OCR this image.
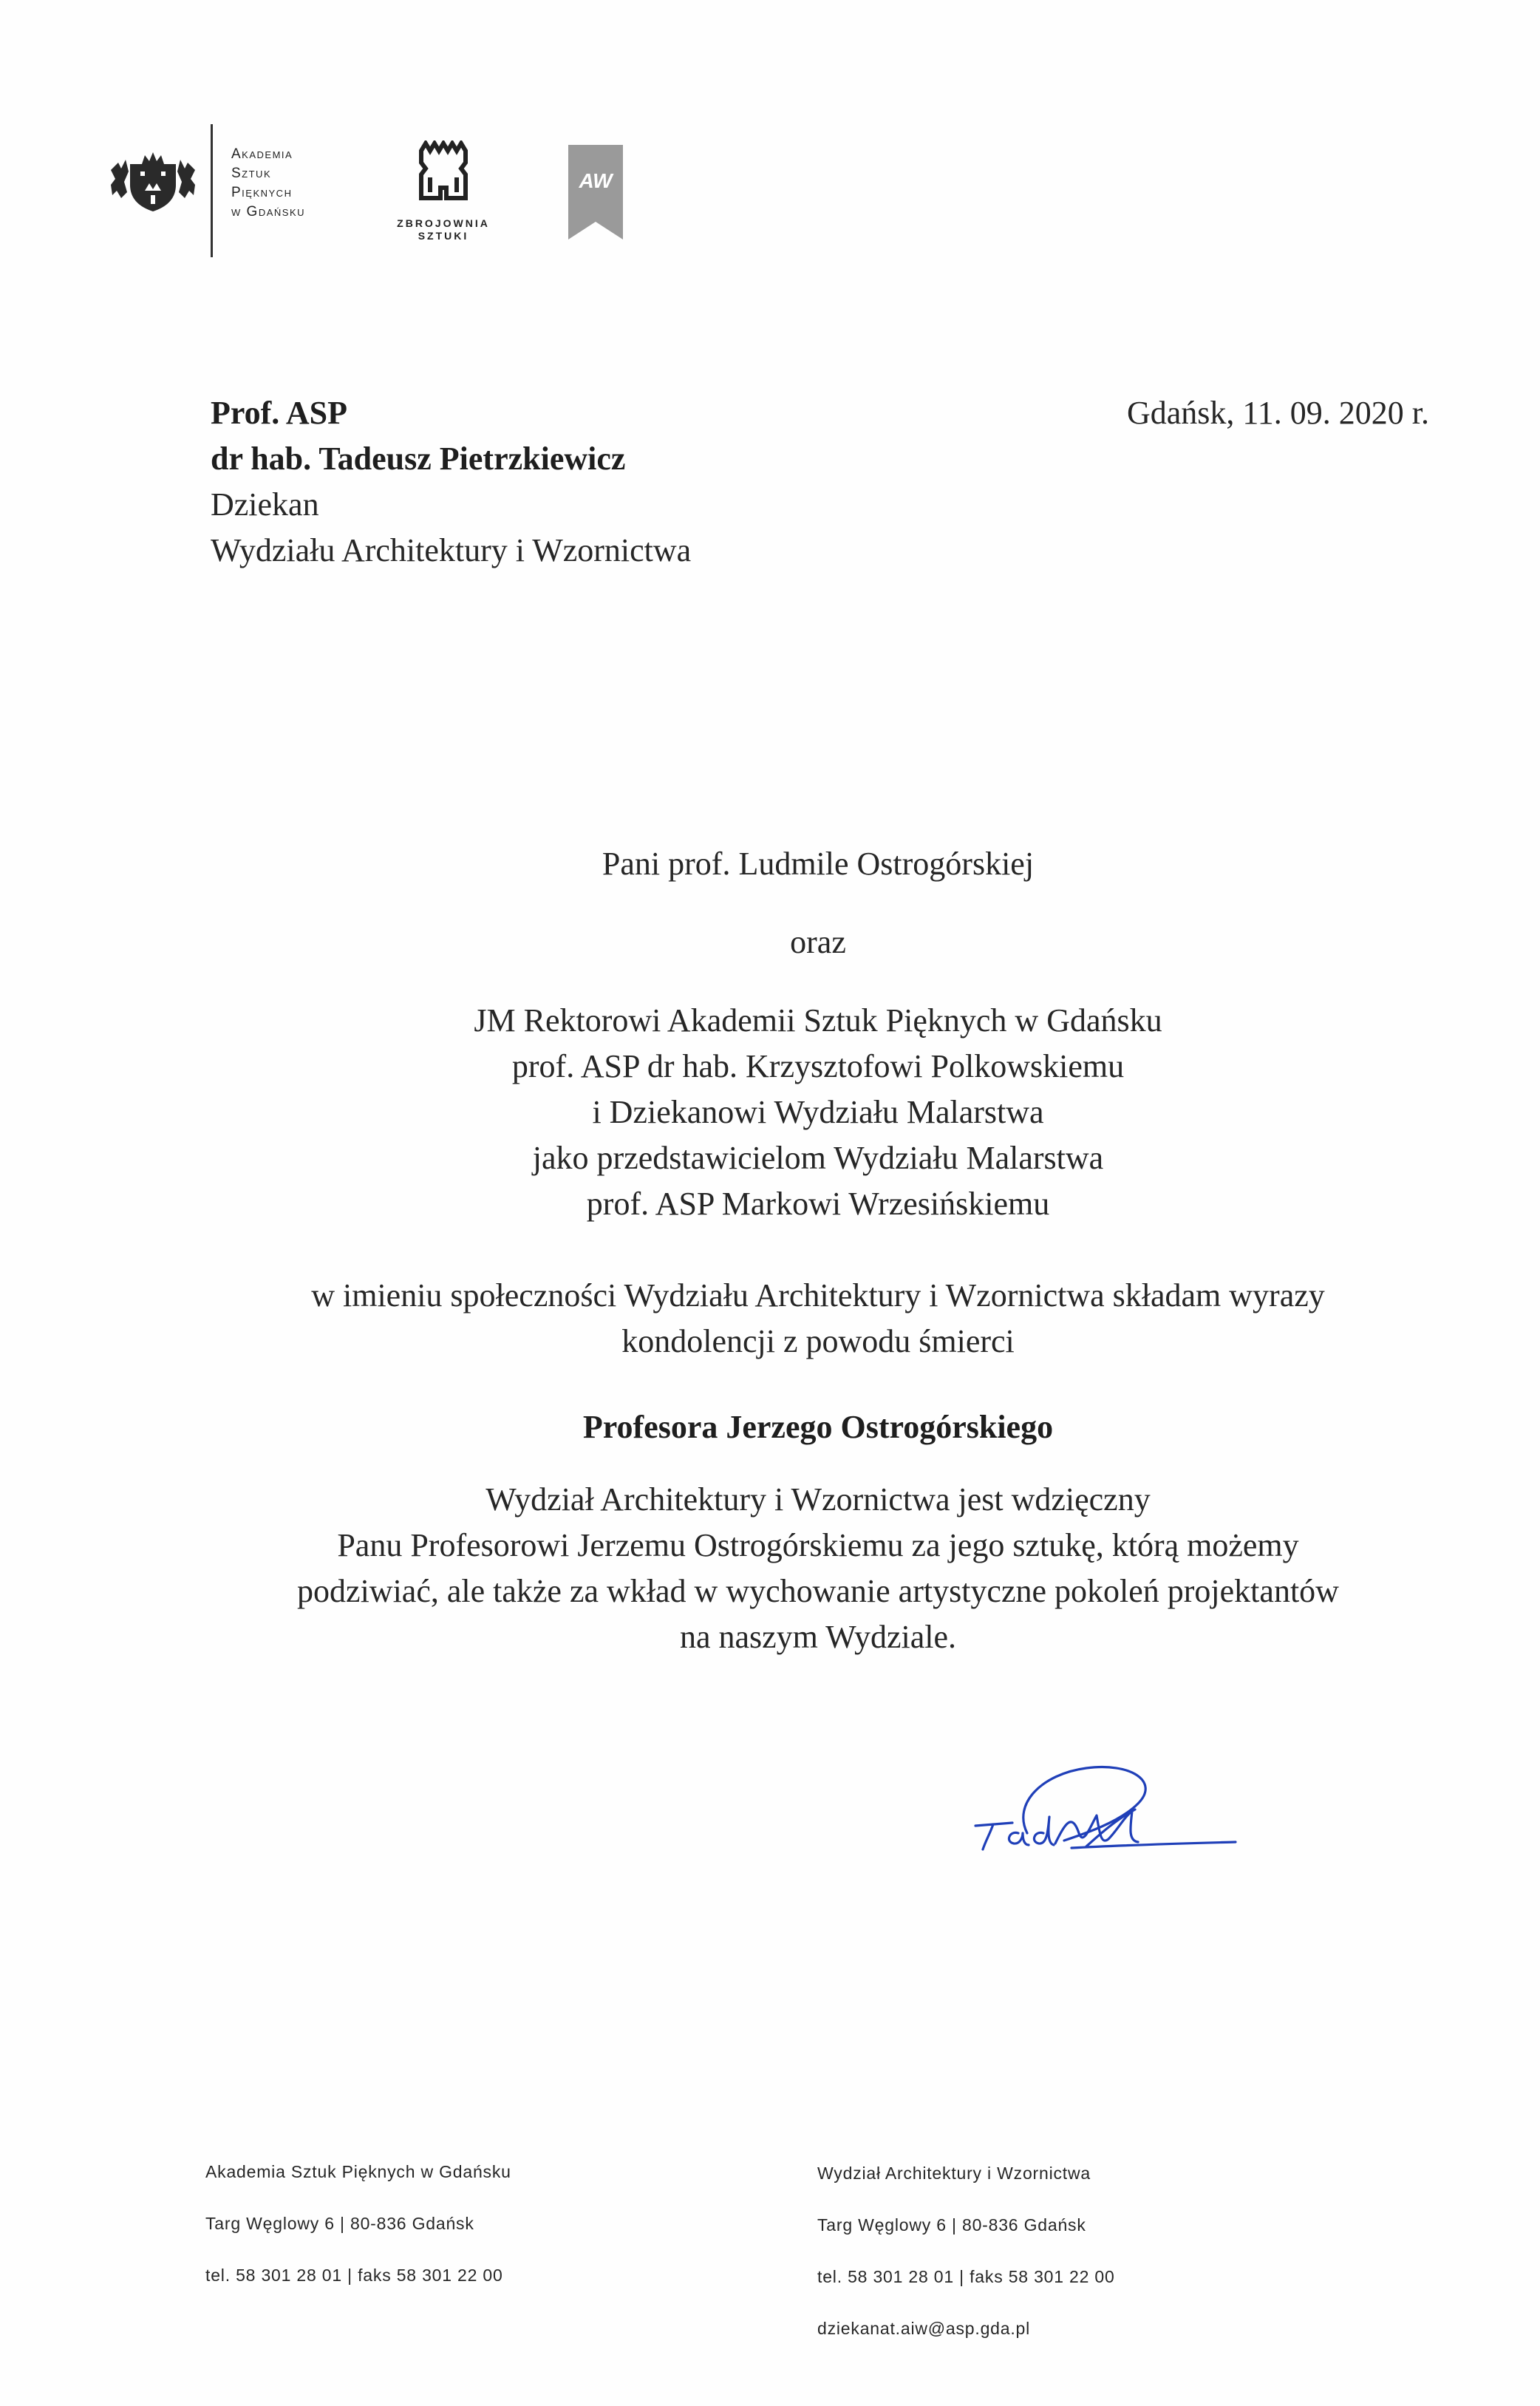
Akademia
Sztuk
Pięknych
w Gdańsku
ZBROJOWNIA
SZTUKI
AW
Prof. ASP
dr hab. Tadeusz Pietrzkiewicz
Dziekan
Wydziału Architektury i Wzornictwa
Gdańsk, 11. 09. 2020 r.
Pani prof. Ludmile Ostrogórskiej
oraz
JM Rektorowi Akademii Sztuk Pięknych w Gdańsku
prof. ASP dr hab. Krzysztofowi Polkowskiemu
i Dziekanowi Wydziału Malarstwa
jako przedstawicielom Wydziału Malarstwa
prof. ASP Markowi Wrzesińskiemu
w imieniu społeczności Wydziału Architektury i Wzornictwa składam wyrazy
kondolencji z powodu śmierci
Profesora Jerzego Ostrogórskiego
Wydział Architektury i Wzornictwa jest wdzięczny
Panu Profesorowi Jerzemu Ostrogórskiemu za jego sztukę, którą możemy
podziwiać, ale także za wkład w wychowanie artystyczne pokoleń projektantów
na naszym Wydziale.
Akademia Sztuk Pięknych w Gdańsku
Targ Węglowy 6 | 80-836 Gdańsk
tel. 58 301 28 01 | faks 58 301 22 00
Wydział Architektury i Wzornictwa
Targ Węglowy 6 | 80-836 Gdańsk
tel. 58 301 28 01 | faks 58 301 22 00
dziekanat.aiw@asp.gda.pl
